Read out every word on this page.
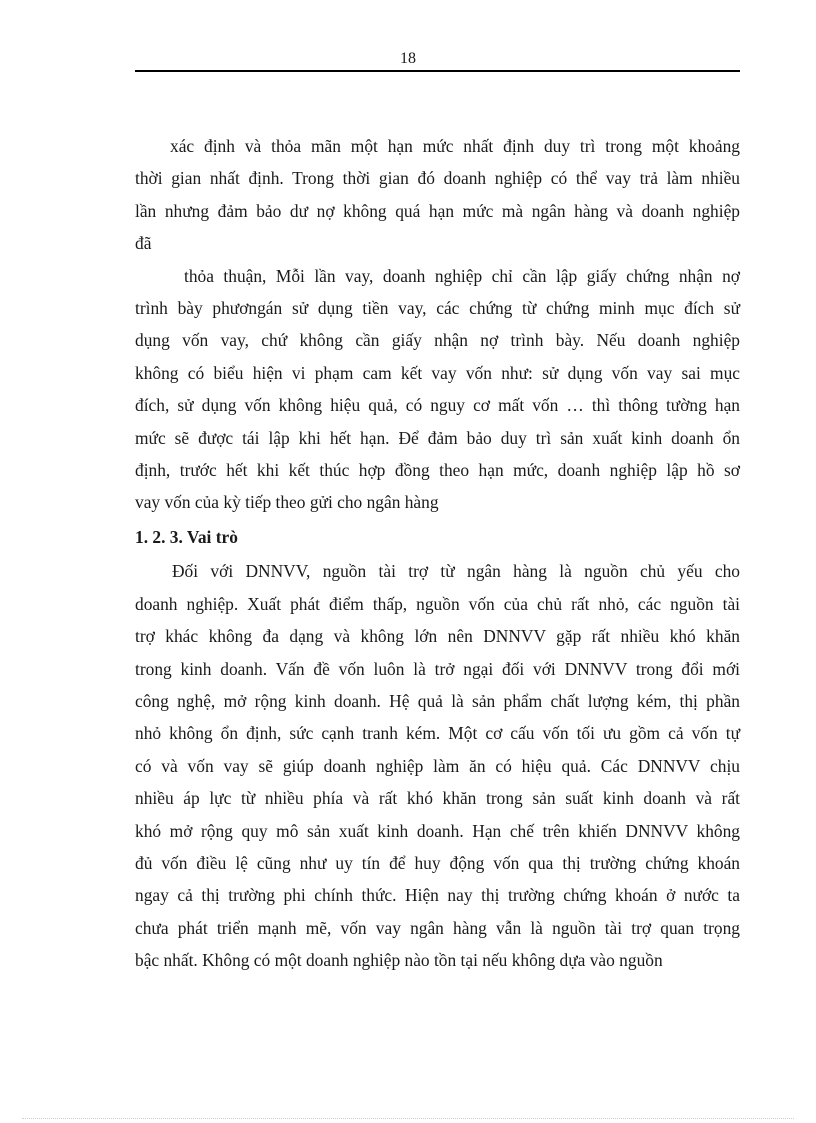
18
xác định và thỏa mãn một hạn mức nhất định duy trì trong một khoảng
thời gian nhất định. Trong thời gian đó doanh nghiệp có thể vay trả làm nhiều
lần nhưng đảm bảo dư nợ không quá hạn mức mà ngân hàng và doanh nghiệp
đã
thỏa thuận, Mỗi lần vay, doanh nghiệp chỉ cần lập giấy chứng nhận nợ
trình bày phươngán sử dụng tiền vay, các chứng từ chứng minh mục đích sử
dụng vốn vay, chứ không cần giấy nhận nợ trình bày. Nếu doanh nghiệp
không có biểu hiện vi phạm cam kết vay vốn như: sử dụng vốn vay sai mục
đích, sử dụng vốn không hiệu quả, có nguy cơ mất vốn … thì thông tường hạn
mức sẽ được tái lập khi hết hạn. Để đảm bảo duy trì sản xuất kinh doanh ổn
định, trước hết khi kết thúc hợp đồng theo hạn mức, doanh nghiệp lập hồ sơ
vay vốn của kỳ tiếp theo gửi cho ngân hàng
1. 2. 3. Vai trò
Đối với DNNVV, nguồn tài trợ từ ngân hàng là nguồn chủ yếu cho
doanh nghiệp. Xuất phát điểm thấp, nguồn vốn của chủ rất nhỏ, các nguồn tài
trợ khác không đa dạng và không lớn nên DNNVV gặp rất nhiều khó khăn
trong kinh doanh. Vấn đề vốn luôn là trở ngại đối với DNNVV trong đổi mới
công nghệ, mở rộng kinh doanh. Hệ quả là sản phẩm chất lượng kém, thị phần
nhỏ không ổn định, sức cạnh tranh kém. Một cơ cấu vốn tối ưu gồm cả vốn tự
có và vốn vay sẽ giúp doanh nghiệp làm ăn có hiệu quả. Các DNNVV chịu
nhiều áp lực từ nhiều phía và rất khó khăn trong sản suất kinh doanh và rất
khó mở rộng quy mô sản xuất kinh doanh. Hạn chế trên khiến DNNVV không
đủ vốn điều lệ cũng như uy tín để huy động vốn qua thị trường chứng khoán
ngay cả thị trường phi chính thức. Hiện nay thị trường chứng khoán ở nước ta
chưa phát triển mạnh mẽ, vốn vay ngân hàng vẫn là nguồn tài trợ quan trọng
bậc nhất. Không có một doanh nghiệp nào tồn tại nếu không dựa vào nguồn
